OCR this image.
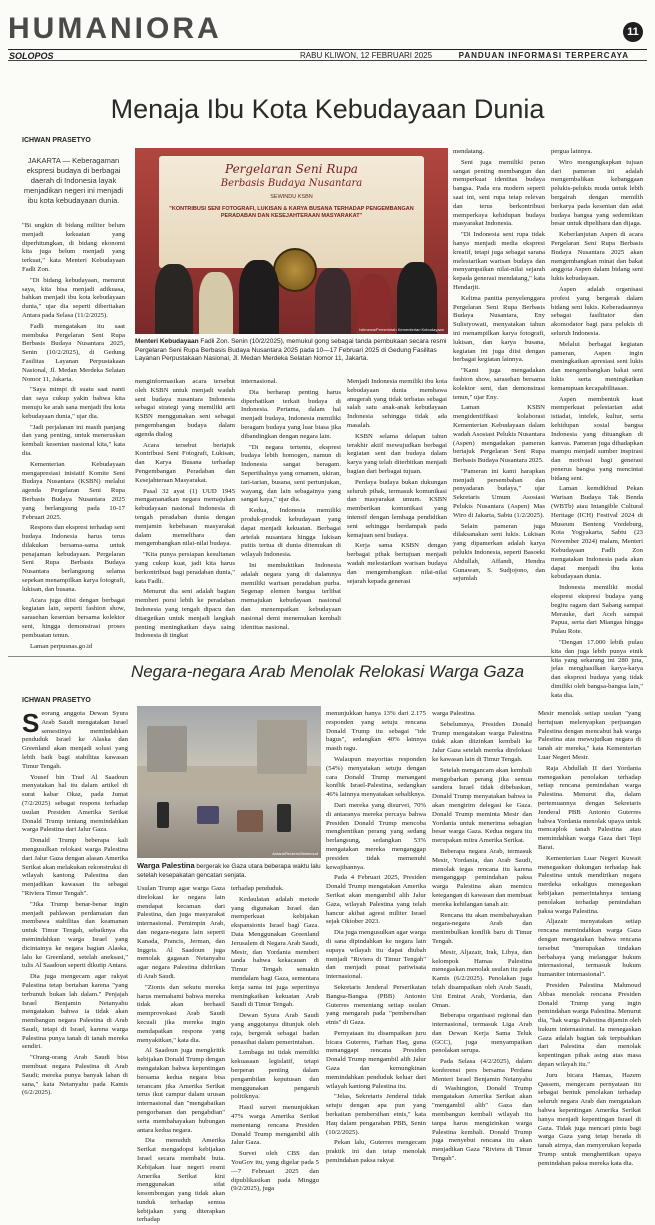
HUMANIORA	11
SOLOPOS	RABU KLIWON, 12 FEBRUARI 2025	PANDUAN INFORMASI TERPERCAYA
Menaja Ibu Kota Kebudayaan Dunia
ICHWAN PRASETYO
JAKARTA — Keberagaman ekspresi budaya di berbagai daerah di Indonesia layak menjadikan negeri ini menjadi ibu kota kebudayaan dunia.

"Bi ungkin di bidang militer belum menjadi kekuatan yang diperhitungkan, di bidang ekonomi kita juga belum menjadi yang terkuat," kata Menteri Kebudayaan Fadli Zon.

"Di bidang kebudayaan, menurut saya, kita bisa menjadi adikuasa, bahkan menjadi ibu kota kebudayaan dunia," ujar dia seperti diberitakan Antara pada Selasa (11/2/2025).

Fadli mengatakan itu saat membuka Pergelaran Seni Rupa Berbasis Budaya Nusantara 2025, Senin (10/2/2025), di Gedung Fasilitas Layanan Perpustakaan Nasional, Jl. Medan Merdeka Selatan Nomor 11, Jakarta.

"Saya mimpi di suatu saat nanti dan saya cukup yakin bahwa kita menuju ke arah sana menjadi ibu kota kebudayaan dunia," ujar dia.

"Jadi perjalanan ini masih panjang dan yang penting, untuk meneruskan kembali kesenian nasional kita," kata dia.

Kementerian Kebudayaan mengapresiasi inisiatif Komite Seni Budaya Nusantara (KSBN) melalui agenda Pergelaran Seni Rupa Berbasis Budaya Nusantara 2025 yang berlangsung pada 10-17 Februari 2025.

Respons dan ekspresi terhadap seni budaya Indonesia harus terus dilakukan bersama-sama untuk penajaman kebudayaan. Pergelaran Seni Rupa Berbasis Budaya Nusantara berlangsung selama sepekan menampilkan karya fotografi, lukisan, dan busana.

Acara juga diisi dengan berbagai kegiatan lain, seperti fashion show, sarasehan kesenian bersama kolektor seni, hingga demonstrasi proses pembuatan tenun.

Laman perpusnas.go.id

Pergelaran Seni Rupa
Berbasis Budaya Nusantara
SEWINDU KSBN
"KONTRIBUSI SENI FOTOGRAFI, LUKISAN & KARYA BUSANA TERHADAP PENGEMBANGAN PERADABAN DAN KESEJAHTERAAN MASYARAKAT"
Istimewa/Pemerintah Kementerian Kebudayaan
Menteri Kebudayaan Fadli Zon. Senin (10/2/2025), memukul gong sebagai tanda pembukaan secara resmi Pergelaran Seni Rupa Berbasis Budaya Nusantara 2025 pada 10—17 Februari 2025 di Gedung Fasilitas Layanan Perpustakaan Nasional, Jl. Medan Merdeka Selatan Nomor 11, Jakarta.

menginformasikan acara tersebut oleh KSBN untuk menjadi wadah seni budaya nusantara Indonesia sebagai strategi yang memiliki arti KSBN menggunakan seni sebagai pengembangan budaya dalam agenda dialog

Acara tersebut bertajuk Kontribusi Seni Fotografi, Lukisan, dan Karya Busana terhadap Pengembangan Peradaban dan Kesejahteraan Masyarakat.

Pasal 32 ayat (1) UUD 1945 mengamanatkan negara memajukan kebudayaan nasional Indonesia di tengah peradaban dunia dengan menjamin kebebasan masyarakat dalam memelihara dan mengembangkan nilai-nilai budaya.

"Kita punya persiapan kesultanan yang cukup kuat, jadi kita harus berkontribusi bagi peradaban dunia," kata Fadli.

Menurut dia seni adalah bagian memberi porsi lebih ke peradaban Indonesia yang tengah dipacu dan ditargetkan untuk menjadi langkah penting meningkatkan daya saing Indonesia di tingkat

internasional.

Dia berharap penting harus diperhatikan terkait budaya di Indonesia. Pertama, dalam hal menjadi budaya, Indonesia memiliki beragam budaya yang luar biasa jika dibandingkan dengan negara lain.

"Di negara tertentu, ekspresi budaya lebih homogen, namun di Indonesia sangat beragam. Sepertihalnya yang ornamen, ukiran, tari-tarian, busana, seni pertunjukan, wayang, dan lain sebagainya yang sangat kaya," ujar dia.

Kedua, Indonesia memiliki produk-produk kebudayaan yang dapat menjadi kekuatan. Berbagai artefak nusantara hingga lukisan puitis tertua di dunia ditemukan di wilayah Indonesia.

Ini membuktikan Indonesia adalah negara yang di dalamnya memiliki warisan peradaban purba. Segenap elemen bangsa terlibat memajukan kebudayaan nasional dan menempatkan kebudayaan nasional demi menemukan kembali identitas nasional.

Menjadi Indonesia memiliki ibu kota kebudayaan dunia membawa anugerah yang tidak terbatas sebagai salah satu anak-anak kebudayaan Indonesia sehingga tidak ada masalah.

KSBN selama delapan tahun terakhir aktif mewujudkan berbagai kegiatan seni dan budaya dalam karya yang telah diterbitkan menjadi bagian dari berbagai tujuan.

Perdaya budaya bukan dukungan seluruh pihak, termasuk komunikasi dan masyarakat umum. KSBN memberikan komunikasi yang intensif dengan lembaga pendidikan seni sehingga berdampak pada kemajuan seni budaya.

Kerja sama KSBN dengan berbagai pihak bertujuan menjadi wadah melestarikan warisan budaya dan mengembangkan nilai-nilai sejarah kepada generasi

mendatang.

Seni juga memiliki peran sangat penting membangun dan memperkuat identitas budaya bangsa. Pada era modern seperti saat ini, seni rupa tetap relevan dan terus berkontribusi memperkaya kehidupan budaya masyarakat Indonesia.

"Di Indonesia seni rupa tidak hanya menjadi media ekspresi kreatif, tetapi juga sebagai sarana melestarikan warisan budaya dan menyampaikan nilai-nilai sejarah kepada generasi mendatang," kata Hendarjit.

Kelima panitia penyelenggara Pergelaran Seni Rupa Berbasis Budaya Nusantara, Eny Sulistyowati, menyatakan tahun ini menampilkan karya fotografi, lukisan, dan karya busana, kegiatan ini juga diisi dengan berbagai kegiatan lainnya.

"Kami juga mengadakan fashion show, sarasehan bersama kolektor seni, dan demonstrasi tenun," ujar Eny.

Laman KSBN mengidentifikasi kolaborasi Kementerian Kebudayaan dalam wadah Asosiasi Pelukis Nusantara (Aspen) mengadakan pameran bertajuk Pergelaran Seni Rupa Berbasis Budaya Nusantara 2025.

"Pameran ini kami harapkan menjadi persembahan dan penyadaran budaya," ujar Sekretaris Umum Asosiasi Pelukis Nusantara (Aspen) Mas Wiro di Jakarta, Sabtu (1/2/2025).

Selain pameran juga dilaksanakan seni lukis. Lukisan yang dipamerkan adalah karya pelukis Indonesia, seperti Basoeki Abdullah, Affandi, Hendra Gunawan, S. Sudjojono, dan sejumlah

pergua lainnya.

Wiro mengungkapkan tujuan dari pameran ini adalah mengembalikan kebanggaan pelukis-pelukis muda untuk lebih bergairah dengan memilih berkarya pada kesenian dan adat budaya bangsa yang sedemikian besar untuk dipelihara dan dijaga.

Keberlanjutan Aspen di acara Pergelaran Seni Rupa Berbasis Budaya Nusantara 2025 akan mengembangkan minat dan bakat anggota Aspen dalam bidang seni lukis kebudayaan.

Aspen adalah organisasi profesi yang bergerak dalam bidang seni lukis. Keberadaannya sebagai fasilitator dan akomodator bagi para pelukis di seluruh Indonesia.

Melalui berbagai kegiatan pameran, Aspen ingin meningkatkan apresiasi seni lukis dan mengembangkan bakat seni lukis serta meningkatkan kemampuan kecapabilitasan.

Aspen membentuk kuat memperkuat pelestarian adat istiadat, intelek, kultur, serta kehidupan sosial bangsa Indonesia yang dituangkan di kanvas. Pameran juga dihadapkan mampu menjadi sumber inspirasi dan motivasi bagi generasi penerus bangsa yang mencintai bidang seni.

Laman kemdikbud Pekan Warisan Budaya Tak Benda (WBTb) atau Intangible Cultural Heritage (ICH) Festival 2024 di Museum Benteng Vredeburg, Kota Yogyakarta, Sabtu (23 November 2024) malam, Menteri Kebudayaan Fadli Zon mengatakan Indonesia pada akan dapat menjadi ibu kota kebudayaan dunia.

Indonesia memiliki modal ekspresi ekspresi budaya yang begitu ragam dari Sabang sampai Merauke, dari Aceh sampai Papua, serta dari Miangas hingga Pulau Rote.

"Dengan 17.000 lebih pulau kita dan juga lebih punya etnik kita yang sekarang ini 280 juta, jelas menghasilkan karya-karya dan ekspresi budaya yang tidak dimiliki oleh bangsa-bangsa lain," kata dia.

Negara-negara Arab Menolak Relokasi Warga Gaza
ICHWAN PRASETYO

Seorang anggota Dewan Syura Arab Saudi mengatakan Israel semestinya memindahkan penduduk Israel ke Alaska dan Greenland akan menjadi solusi yang lebih baik bagi stabilitas kawasan Timur Tengah.

Yousef bin Trad Al Saadoun menyatakan hal itu dalam artikel di surat kabar Okaz, pada Jumat (7/2/2025) sebagai respons terhadap usulan Presiden Amerika Serikat Donald Trump tentang memindahkan warga Palestina dari Jalur Gaza.

Donald Trump beberapa kali mengusulkan relokasi warga Palestina dari Jalur Gaza dengan alasan Amerika Serikat akan melakukan rekonstruksi di wilayah kantong Palestina dan menjadikan kawasan itu sebagai "Riviera Timur Tengah".

"Jika Trump benar-benar ingin menjadi pahlawan perdamaian dan membawa stabilitas dan keamanan untuk Timur Tengah, sebaiknya dia memindahkan warga Israel yang dicintainya ke negara bagian Alaska, lalu ke Greenland, setelah aneksasi," tulis Al Saadoun seperti dikutip Antara.

Dia juga mengecam agar rakyat Palestina tetap bertahan karena "yang terbunuh bukan lah dalam." Penjajah Israel Benjamin Netanyahu mengatakan bahwa ia tidak akan membangun negara Palestina di Arab Saudi, tetapi di Israel, karena warga Palestina punya tanah di tanah mereka sendiri.

"Orang-orang Arab Saudi bisa membuat negara Palestina di Arab Saudi; mereka punya banyak lahan di sana," kata Netanyahu pada Kamis (6/2/2025).

Antara/Reuters/Mahmoud
Warga Palestina bergerak ke Gaza utara beberapa waktu lalu setelah kesepakatan gencatan senjata.

Usulan Trump agar warga Gaza direlokasi ke negara lain mendapat kecaman dari Palestina, dan juga masyarakat internasional. Pemimpin Arab, dan negara-negara lain seperti Kanada, Prancis, Jerman, dan Inggris. Al Saadoun juga menolak gagasan Netanyahu agar negara Palestina didirikan di Arab Saudi.

"Zionis dan sekutu mereka harus memahami bahwa mereka tidak akan berhasil memprovokasi Arab Saudi kecuali jika mereka ingin mendapatkan respons yang menyakitkan," kata dia.

Al Saadoun juga mengkritik kebijakan Donald Trump dengan mengatakan bahwa kepentingan bersama kedua negara bisa terancam jika Amerika Serikat terus ikut campur dalam urusan internasional dan "mengabaikan pengorbanan dan pengabdian" serta membahayakan hubungan antara kedua negara.

Dia menuduh Amerika Serikat mengadopsi kebijakan Israel secara membabi buta. Kebijakan luar negeri resmi Amerika Serikat kini menggunakan sifat kesombongan yang tidak akan tunduk terhadap semua kebijakan yang diterapkan terhadap

terhadap penduduk.

Kedaulatan adalah metode yang digunakan Israel dan memperkuat kebijakan ekspansionis Israel bagi Gaza. Data Menggunakan Greenland Jerusalem di Negara Arab Saudi, Mesir, dan Yordania memberi tanda bahwa kekacauan di Timur Tengah semakin mendalam bagi Gaza, sementara kerja sama ini juga sepertinya meningkatkan kekuatan Arab Saudi di Timur Tengah.

Dewan Syura Arab Saudi yang anggotanya ditunjuk oleh raja, bergerak sebagai badan penasihat dalam pemerintahan.

Lembaga ini tidak memiliki kekuasaan legislatif, tetapi berperan penting dalam pengambilan keputusan dan menggunakan pengaruh politiknya.

Hasil survei menunjukkan 47% warga Amerika Serikat menentang rencana Presiden Donald Trump mengambil alih Jalur Gaza.

Survei oleh CBS dan YouGov itu, yang digelar pada 5—7 Februari 2025 dan dipublikasikan pada Minggu (9/2/2025), juga

menunjukkan hanya 13% dari 2.175 responden yang setuju rencana Donald Trump itu sebagai "ide bagus", sedangkan 40% lainnya masih ragu.

Walaupun mayoritas responden (54%) menyatakan setuju dengan cara Donald Trump menangani konflik Israel-Palestina, sedangkan 46% lainnya menyatakan sebaliknya.

Dari mereka yang disurvei, 70% di antaranya mereka percaya bahwa Presiden Donald Trump mencoba menghentikan perang yang sedang berlangsung, sedangkan 53% mengatakan mereka menganggap presiden tidak memenuhi kewajibannya.

Pada 4 Februari 2025, Presiden Donald Trump mengatakan Amerika Serikat akan mengambil alih Jalur Gaza, wilayah Palestina yang telah hancur akibat agresi militer Israel sejak Oktober 2023.

Dia juga mengusulkan agar warga di sana dipindahkan ke negara lain supaya wilayah itu dapat diubah menjadi "Riviera di Timur Tengah" dan menjadi pusat pariwisata internasional.

Sekretaris Jenderal Perserikatan Bangsa-Bangsa (PBB) Antonio Guterres menentang setiap usulan yang mengarah pada "pembersihan etnis" di Gaza.

Pernyataan itu disampaikan juru bicara Guterres, Farhan Haq, guna menanggapi rencana Presiden Donald Trump mengambil alih Jalur Gaza dan kemungkinan memindahkan penduduk keluar dari wilayah kantong Palestina itu.

"Jelas, Sekretaris Jenderal tidak setuju dengan apa pun yang berkaitan pembersihan etnis," kata Haq dalam pengarahan PBB, Senin (10/2/2025).

Pekan lalu, Guterres mengecam praktik ini dan tetap menolak pemindahan paksa rakyat

warga Palestina.

Sebelumnya, Presiden Donald Trump mengatakan warga Palestina tidak akan diizinkan kembali ke Jalur Gaza setelah mereka direlokasi ke kawasan lain di Timur Tengah.

Setelah mengancam akan kembali mengobarkan perang jika semua sandera Israel tidak dibebaskan, Donald Trump menyatakan bahwa ia akan mengirim delegasi ke Gaza. Donald Trump meminta Mesir dan Yordania untuk menerima sebagian besar warga Gaza. Kedua negara itu merupakan mitra Amerika Serikat.

Beberapa negara Arab, termasuk Mesir, Yordania, dan Arab Saudi, menolak tegas rencana itu karena menganggap pemindahan paksa warga Palestina akan memicu ketegangan di kawasan dan membuat mereka kehilangan tanah air.

Rencana itu akan membahayakan negara-negara Arab dan menimbulkan konflik baru di Timur Tengah.

Mesir, Aljazair, Irak, Libya, dan kelompok Hamas Palestina menegaskan menolak usulan itu pada Kamis (6/2/2025). Penolakan juga telah disampaikan oleh Arab Saudi, Uni Emirat Arab, Yordania, dan Oman.

Beberapa organisasi regional dan internasional, termasuk Liga Arab dan Dewan Kerja Sama Teluk (GCC), juga menyampaikan penolakan serupa.

Pada Selasa (4/2/2025), dalam konferensi pers bersama Perdana Menteri Israel Benjamin Netanyahu di Washington, Donald Trump mengatakan Amerika Serikat akan "mengambil alih" Gaza dan membangun kembali wilayah itu tanpa harus mengizinkan warga Palestina kembali. Donald Trump juga menyebut rencana itu akan menjadikan Gaza "Riviera di Timur Tengah".

Mesir menolak setiap usulan "yang bertujuan melenyapkan perjuangan Palestina dengan mencabut hak warga Palestina atas mewujudkan negara di tanah air mereka," kata Kementerian Luar Negeri Mesir.

Raja Abdullah II dari Yordania menegaskan penolakan terhadap setiap rencana pemindahan warga Palestina. Menurut dia, dalam pertemuannya dengan Sekretaris Jenderal PBB Antonio Guterres bahwa Yordania menolak upaya untuk mencaplok tanah Palestina atau memindahkan warga Gaza dari Tepi Barat.

Kementerian Luar Negeri Kuwait menegaskan dukungan terhadap hak Palestina untuk mendirikan negara merdeka sekaligus menegaskan kebijakan pemerintahnya tentang penolakan terhadap pemindahan paksa warga Palestina.

Aljazair menyatakan setiap rencana memindahkan warga Gaza dengan mengatakan bahwa rencana tersebut "merupakan tindakan berbahaya yang melanggar hukum internasional, termasuk hukum humaniter internasional".

Presiden Palestina Mahmoud Abbas menolak rencana Presiden Donald Trump yang ingin pemindahan warga Palestina. Menurut dia, "hak warga Palestina dijamin oleh hukum internasional. Ia menegaskan Gaza adalah bagian tak terpisahkan dari Palestina dan menolak kepentingan pihak asing atas masa depan wilayah itu."

Juru bicara Hamas, Hazem Qassem, mengecam pernyataan itu sebagai bentuk penolakan terhadap seluruh negara Arab dan mengatakan bahwa kepentingan Amerika Serikat hanya menjadi kepentingan Israel di Gaza. Tidak juga mencari pintu bagi warga Gaza yang tetap berada di tanah airnya, dan menyerukan kepada Trump untuk menghentikan upaya pemindahan paksa mereka kata dia.
